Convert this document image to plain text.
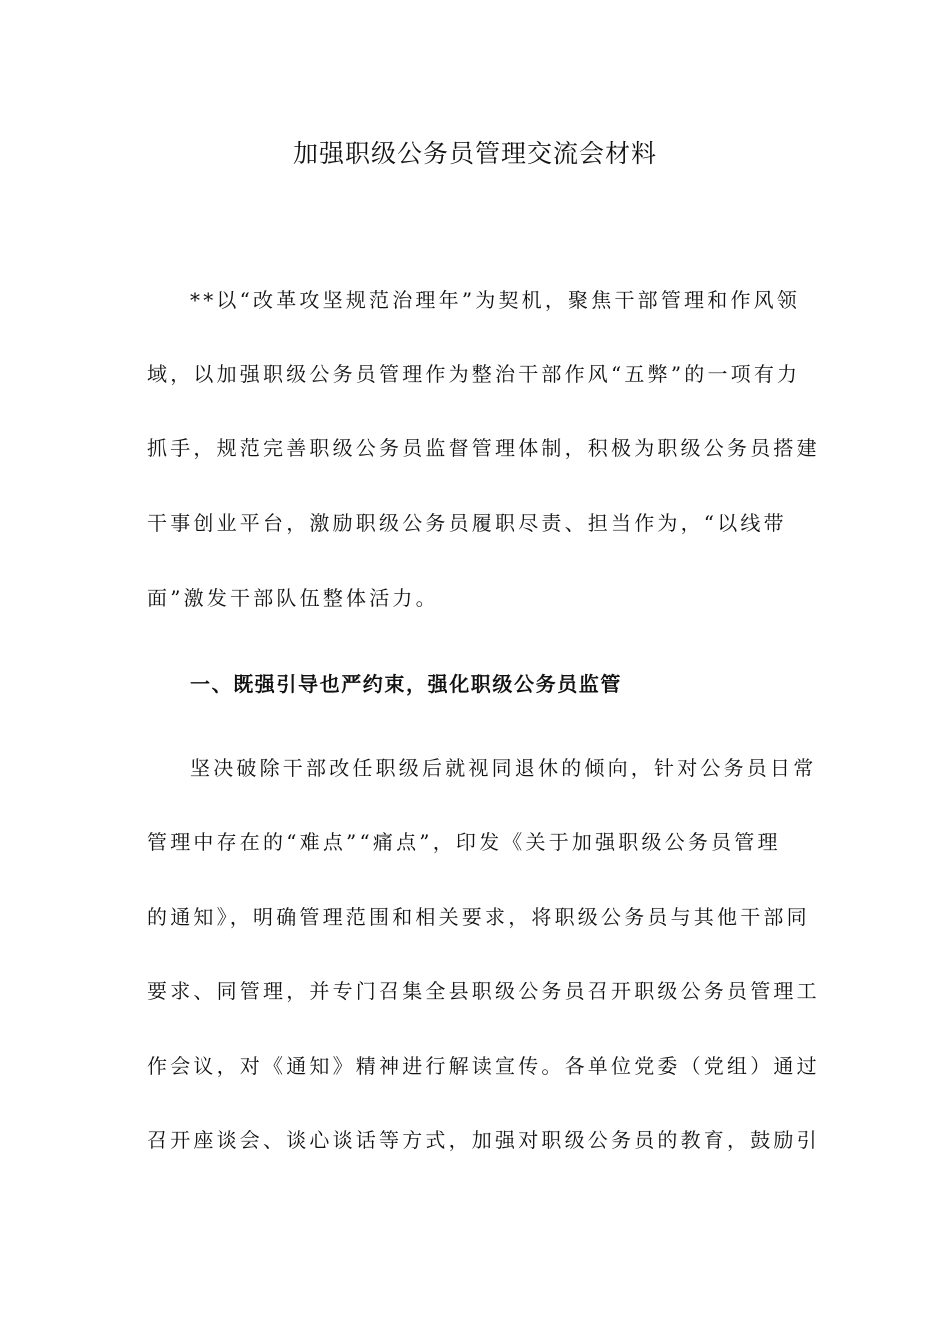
加强职级公务员管理交流会材料
**以“改革攻坚规范治理年”为契机，聚焦干部管理和作风领
域，以加强职级公务员管理作为整治干部作风“五弊”的一项有力
抓手，规范完善职级公务员监督管理体制，积极为职级公务员搭建
干事创业平台，激励职级公务员履职尽责、担当作为，“以线带
面”激发干部队伍整体活力。
一、既强引导也严约束，强化职级公务员监管
坚决破除干部改任职级后就视同退休的倾向，针对公务员日常
管理中存在的“难点”“痛点”，印发《关于加强职级公务员管理
的通知》，明确管理范围和相关要求，将职级公务员与其他干部同
要求、同管理，并专门召集全县职级公务员召开职级公务员管理工
作会议，对《通知》精神进行解读宣传。各单位党委（党组）通过
召开座谈会、谈心谈话等方式，加强对职级公务员的教育，鼓励引
